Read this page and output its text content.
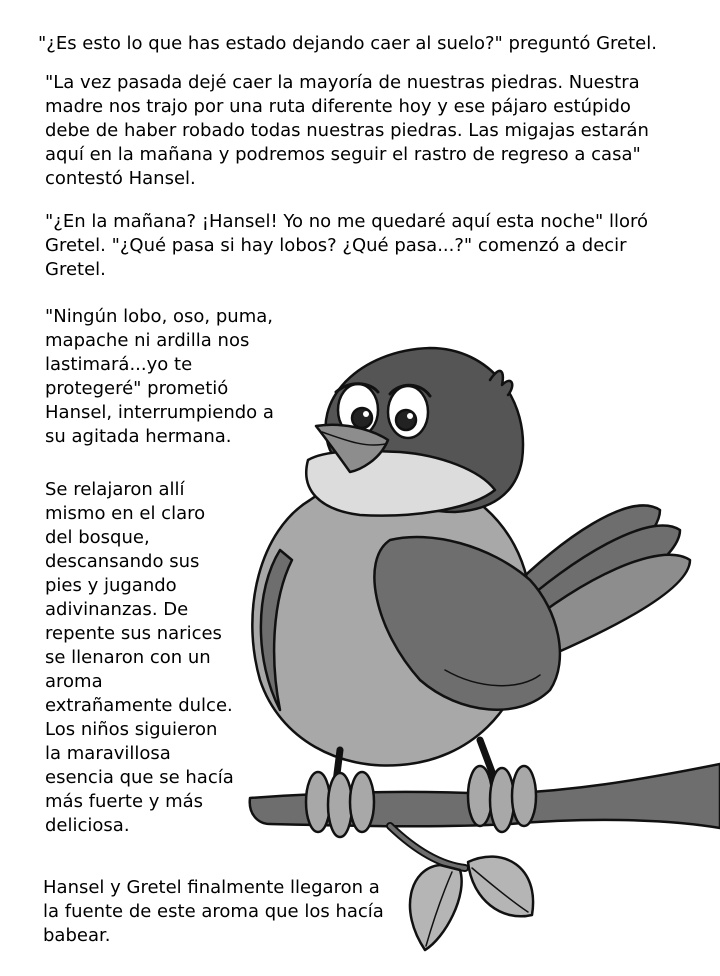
"¿Es esto lo que has estado dejando caer al suelo?" preguntó Gretel.

"La vez pasada dejé caer la mayoría de nuestras piedras. Nuestra
madre nos trajo por una ruta diferente hoy y ese pájaro estúpido
debe de haber robado todas nuestras piedras. Las migajas estarán
aquí en la mañana y podremos seguir el rastro de regreso a casa"
contestó Hansel.

"¿En la mañana? ¡Hansel! Yo no me quedaré aquí esta noche" lloró
Gretel. "¿Qué pasa si hay lobos? ¿Qué pasa...?" comenzó a decir
Gretel.

"Ningún lobo, oso, puma,
mapache ni ardilla nos
lastimará...yo te
protegeré" prometió
Hansel, interrumpiendo a
su agitada hermana.

Se relajaron allí
mismo en el claro
del bosque,
descansando sus
pies y jugando
adivinanzas. De
repente sus narices
se llenaron con un
aroma
extrañamente dulce.
Los niños siguieron
la maravillosa
esencia que se hacía
más fuerte y más
deliciosa.

Hansel y Gretel finalmente llegaron a
la fuente de este aroma que los hacía
babear.
